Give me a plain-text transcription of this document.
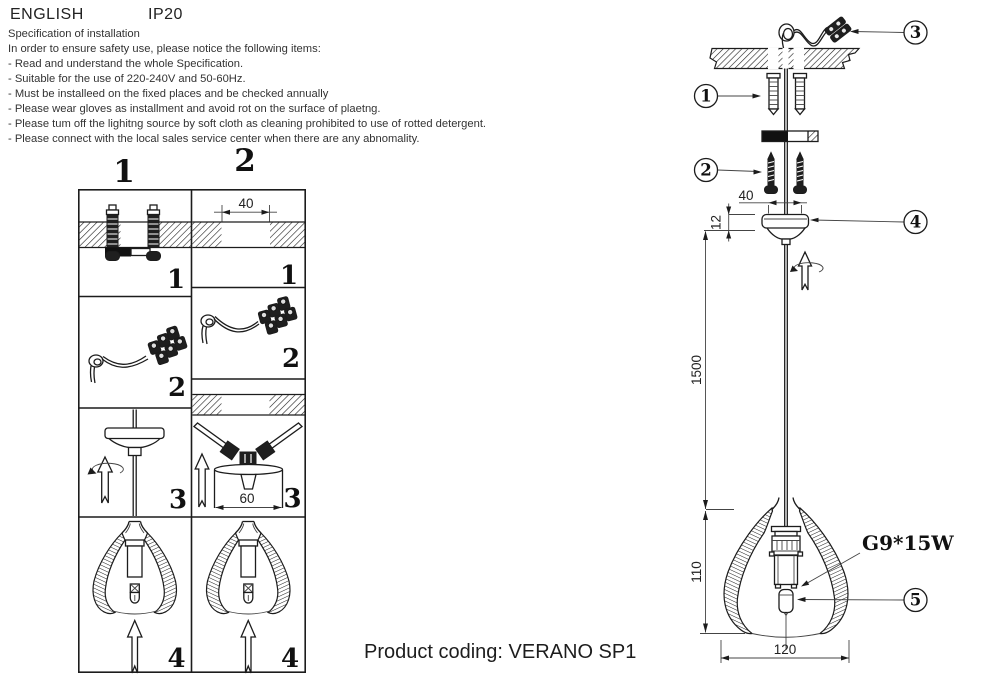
ENGLISH	IP20
Specification of installation
In order to ensure safety use, please notice the following items:
- Read and understand the whole Specification.
- Suitable for the use of 220-240V and 50-60Hz.
- Must be installeed on the fixed places and be checked annually
- Please wear gloves as installment and avoid rot on the surface of plaetng.
- Please tum off the lighitng source by soft cloth as cleaning prohibited to use of rotted detergent.
- Please connect with the local sales service center when there are any abnomality.
1	2
1
40
1
2
2
3	60 3
4	4
40
12
1500
G9*15W
110
120
1
2
3
4
5
Product coding: VERANO SP1
